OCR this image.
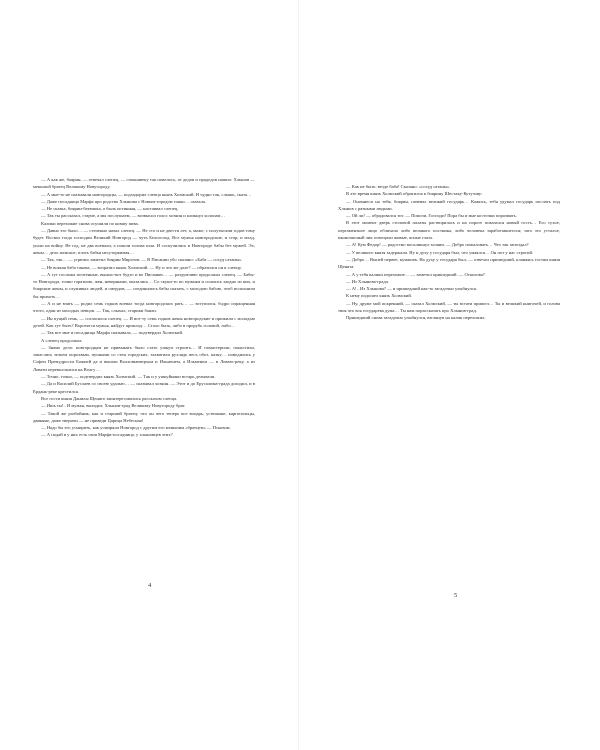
— А как же, боярин, — отвечал слепец, — споконвеку так повелось, от дедов и прадедов наших: Хлынов — меньшой братец Великому Новугороду.

— А мне-то не сказывали новгородцы, — подзадорил слепца князь Холмский. И чудно так, слышь, сказа…

— Даже посадница Марфа про родство Хлынова с Новым-городом тонко… сказала.

— Не сказка, боярин-батюшка, а быль истинная, — настаивал слепец.

— Так ты рассказал, старче, а мы послушаем, — возвысил голос хозяин и кликнул холопам…

Калики перехожие снова осушили по ковшу пива.

— Давно это было… — степенно начал слепец. — Не сто и не двести лет, а, може, с полутысячи годов тому будет. Восвал тогда господин Великий Новгород — чуть Белоголод. Все мужья новгородские, и стар, и млад, ушли на войну. Не год, не два воевали, а пошли голова шла. И соскучились в Новгороде бабы без мужей. Эх, жены… дело женское, плоть бабья несуторкимая…

— Так, так… — угрюмо заметил боярин Мирозов. — В Писании убо сказано: «Баба — сосуд сатаны».

— Не всякая баба такова, — возразил князь Холмский. — Ну и что же дале? — обратился он к слепцу.

— А тут госпожа почтенные, вышло-вот будто и во Писанию… — раздумчиво продолжал слепец. — Бабы-то Новгорода, точно горазною, жен, неверными, оказались… Со скуки-то по мужьям и сошлись заодно из них, и боярские жены, и служивых людей, и смердов, — соединились бабы сказать, с молодою бабою, чтоб исполнили бы прихоть…

— А и не взять — родил семь годков воевал тогда новгородских рать… — вступился, бодро опращенная чтото, один из молодых певцов. — Так, слыхал, старики баяли.

— Ин пущай семь, — согласился слепец. — И вот-ту семь годков жены новгородские и прижили с молодью детей. Как тут быть? Воротятся мужья, найдут приплод… Стало быть, либо в прорубь головой, либо…

— Так все мне и посадница Марфа сказывала, — подтвердил Холмский.

А слепец продолжал:

— Знамо дело: новгородцам не привыкать было стать ушкуи строить… И помастерили, понастили, запаслись зельем порохвым, пушками со стен городских, захватили рухлядь весь обоз, казну… поводились у Софеи Премудрости Божией да и вышли Волховьюверхом и Ильменем, а Ильменем — в Ловать-реку, а из Ловати переволоклися на Волгу…

— Точно, точно, — подтвердил князь Холмский. — Так и у ушкуйники встарь делывали.

— Да и Василий Буслаев со своею удалью… — сказывал хозяин. — Этот и до Ерусалима-града доходил, и в Ердань-реке крестился.

Все гости князя Данилы Щенято заинтересовались рассказом слепца.

— Ишь ты!.. И мужья, выходит, Хлынов-град Великому Новугороду брат.

— Такой же разбойник, как и старший братец: что он чего теперь все воцарь, устюжане, каргопольцы, двиняне, даже тверичи — не приведи Царица Небесная!

— Надо бы его усмирить, как усмиряли Новгород с другим его меньшим «братцем» — Псковом.

— А подай в у них есть своя Марфа-посадница, у хлыновцев этих?

4

— Как не быть: везде баба! Сказано: «сосуд сатаны».

В это время князь Холмский обратился к боярину Шестаку-Кутузову:

— Ономнеси на тебя, боярин, пачевал великий государь… Кажись, тебя удумал государь послать под Хлынов с ратными людьми.

— Ой ли! — обрадовался тот. — Помози, Господи! Пора бы и мне косточки поразмять.

В этот момент дверь столовой палаты растворилась и на пороге показался новый гость… Его сухое, пергаментное лицо обличало либо великого постника, либо человека заработавшегося; зато это усталое, иконописный лик освещали живые, ясные глаза.

— А! Кум Федор! — радостно воскликнул хозяин. — Добро пожаловать… Что так запоздал?

— У великого князя задержали. Ну и духу у государя был, что умаялся… Он пот у нас строгий.

— Добро… Выпей первее, кумашек. На духу у государя был, — отвечал пришедший, кланяясь гостям князя Щенята.

— А у тебя калики перехожие… — заметил пришедший. — Отколова?

— Из Хлынова-града.

— А!.. Из Хлынова? — и пришедший как-то загадочно улыбнулся.

К нему подошел князь Холмский.

— Ну, друже мой искренний, — сказал Холмский, — ты встати пришел… Ты и великий книгочей, и голова твоя что вся государева дума… Ты нам порассказать про Хлынов-град.

Пришедший снова загадочно улыбнулся, взглянув на калик перехожих.

5
